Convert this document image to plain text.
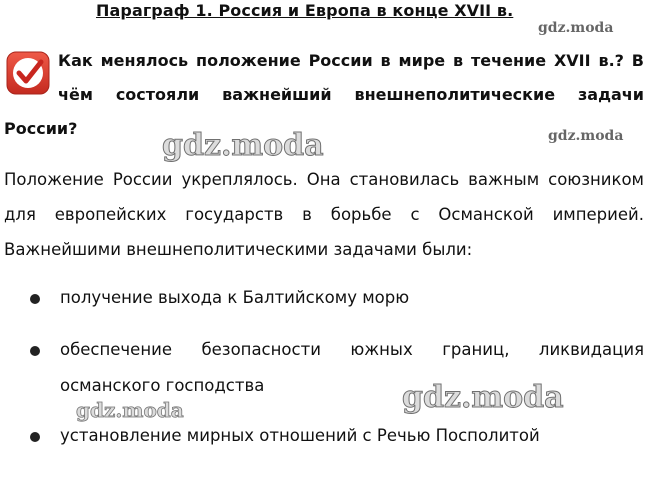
Параграф 1. Россия и Европа в конце XVII в.

Как менялось положение России в мире в течение XVII в.? В чём состояли важнейший внешнеполитические задачи России?

gdz.moda
gdz.moda
gdz.moda

Положение России укреплялось. Она становилась важным союзником для европейских государств в борьбе с Османской империей. Важнейшими внешнеполитическими задачами были:

получение выхода к Балтийскому морю
обеспечение безопасности южных границ, ликвидация османского господства
установление мирных отношений с Речью Посполитой
gdz.moda
gdz.moda
